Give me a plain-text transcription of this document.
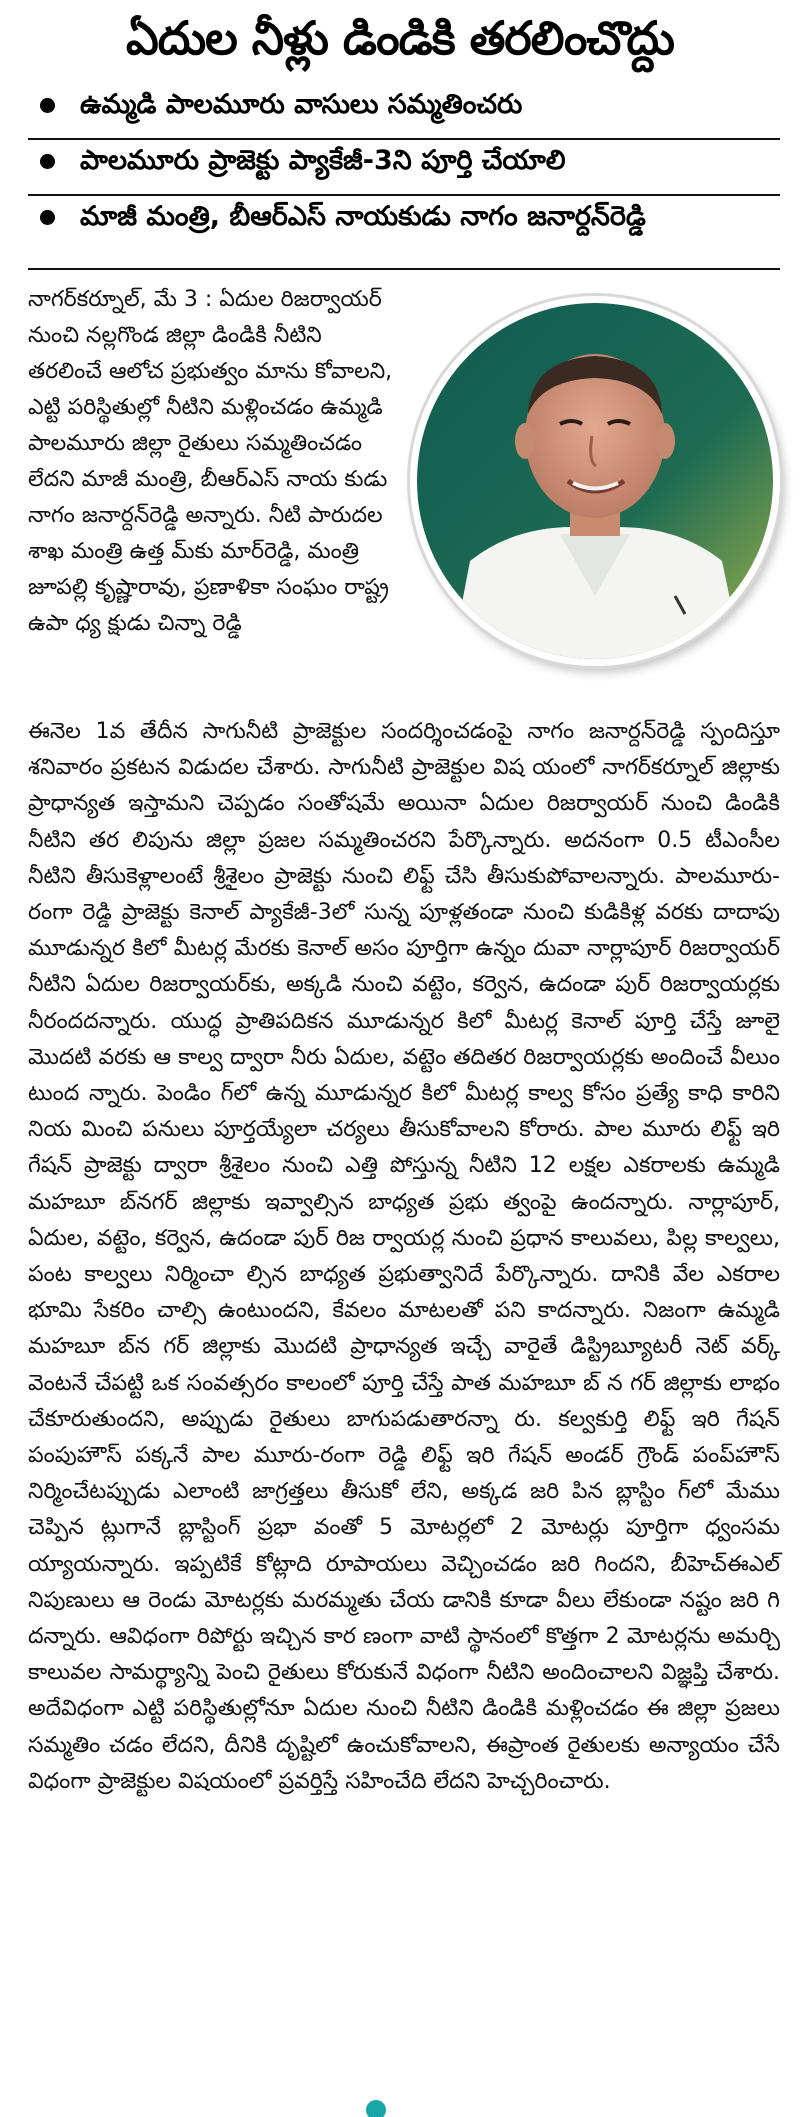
ఏదుల నీళ్లు డిండికి తరలించొద్దు
ఉమ్మడి పాలమూరు వాసులు సమ్మతించరు
పాలమూరు ప్రాజెక్టు ప్యాకేజీ-3ని పూర్తి చేయాలి
మాజీ మంత్రి, బీఆర్ఎస్ నాయకుడు నాగం జనార్దన్‌రెడ్డి

నాగర్‌కర్నూల్, మే 3 : ఏదుల రిజర్వాయర్ నుంచి నల్లగొండ జిల్లా డిండికి నీటిని తరలించే ఆలోచ ప్రభుత్వం మాను కోవాలని, ఎట్టి పరిస్థితుల్లో నీటిని మళ్లించడం ఉమ్మడి పాలమూరు జిల్లా రైతులు సమ్మతించడం లేదని మాజీ మంత్రి, బీఆర్ఎస్ నాయ కుడు నాగం జనార్దన్‌రెడ్డి అన్నారు. నీటి పారుదల శాఖ మంత్రి ఉత్త మ్‌కు మార్‌రెడ్డి, మంత్రి జూపల్లి కృష్ణారావు, ప్రణాళికా సంఘం రాష్ట్ర ఉపా ధ్య క్షుడు చిన్నా రెడ్డి

ఈనెల 1వ తేదీన సాగునీటి ప్రాజెక్టుల సందర్శించడంపై నాగం జనార్దన్‌రెడ్డి స్పందిస్తూ శనివారం ప్రకటన విడుదల చేశారు. సాగునీటి ప్రాజెక్టుల విష యంలో నాగర్‌కర్నూల్ జిల్లాకు ప్రాధాన్యత ఇస్తామని చెప్పడం సంతోషమే అయినా ఏదుల రిజర్వాయర్ నుంచి డిండికి నీటిని తర లిపును జిల్లా ప్రజల సమ్మతించరని పేర్కొన్నారు. అదనంగా 0.5 టీఎంసీల నీటిని తీసుకెళ్లాలంటే శ్రీశైలం ప్రాజెక్టు నుంచి లిఫ్ట్ చేసి తీసుకుపోవాలన్నారు. పాలమూరు-రంగా రెడ్డి ప్రాజెక్టు కెనాల్ ప్యాకేజీ-3లో సున్న పూళ్లతండా నుంచి కుడికిళ్ల వరకు దాదాపు మూడున్నర కిలో మీటర్ల మేరకు కెనాల్ అసం పూర్తిగా ఉన్నం దువా నార్లాపూర్ రిజర్వాయర్ నీటిని ఏదుల రిజర్వాయర్‌కు, అక్కడి నుంచి వట్టెం, కర్వెన, ఉదండా పుర్ రిజర్వాయర్లకు నీరందదన్నారు. యుద్ధ ప్రాతిపదికన మూడున్నర కిలో మీటర్ల కెనాల్ పూర్తి చేస్తే జూలై మొదటి వరకు ఆ కాల్వ ద్వారా నీరు ఏదుల, వట్టెం తదితర రిజర్వాయర్లకు అందించే వీలుం టుంద న్నారు. పెండిం గ్‌లో ఉన్న మూడున్నర కిలో మీటర్ల కాల్వ కోసం ప్రత్యే కాధి కారిని నియ మించి పనులు పూర్తయ్యేలా చర్యలు తీసుకోవాలని కోరారు. పాల మూరు లిఫ్ట్ ఇరి గేషన్ ప్రాజెక్టు ద్వారా శ్రీశైలం నుంచి ఎత్తి పోస్తున్న నీటిని 12 లక్షల ఎకరాలకు ఉమ్మడి మహబూ బ్‌నగర్ జిల్లాకు ఇవ్వాల్సిన బాధ్యత ప్రభు త్వంపై ఉందన్నారు. నార్లాపూర్, ఏదుల, వట్టెం, కర్వెన, ఉదండా పుర్ రిజ ర్వాయర్ల నుంచి ప్రధాన కాలువలు, పిల్ల కాల్వలు, పంట కాల్వలు నిర్మించా ల్సిన బాధ్యత ప్రభుత్వానిదే పేర్కొన్నారు. దానికి వేల ఎకరాల భూమి సేకరిం చాల్సి ఉంటుందని, కేవలం మాటలతో పని కాదన్నారు. నిజంగా ఉమ్మడి మహబూ బ్‌న గర్ జిల్లాకు మొదటి ప్రాధాన్యత ఇచ్చే వారైతే డిస్ట్రిబ్యూటరీ నెట్ వర్క్ వెంటనే చేపట్టి ఒక సంవత్సరం కాలంలో పూర్తి చేస్తే పాత మహబూ బ్ న గర్ జిల్లాకు లాభం చేకూరుతుందని, అప్పుడు రైతులు బాగుపడుతారన్నా రు. కల్వకుర్తి లిఫ్ట్ ఇరి గేషన్ పంపుహౌస్ పక్కనే పాల మూరు-రంగా రెడ్డి లిఫ్ట్ ఇరి గేషన్ అండర్ గ్రౌండ్ పంప్‌హౌస్ నిర్మించేటప్పుడు ఎలాంటి జాగ్రత్తలు తీసుకో లేని, అక్కడ జరి పిన బ్లాస్టిం గ్‌లో మేము చెప్పిన ట్లుగానే బ్లాస్టింగ్ ప్రభా వంతో 5 మోటర్లలో 2 మోటర్లు పూర్తిగా ధ్వంసమ య్యాయన్నారు. ఇప్పటికే కోట్లాది రూపాయలు వెచ్చించడం జరి గిందని, బీహెచ్ఈఎల్ నిపుణులు ఆ రెండు మోటర్లకు మరమ్మతు చేయ డానికి కూడా వీలు లేకుండా నష్టం జరి గి దన్నారు. ఆవిధంగా రిపోర్టు ఇచ్చిన కార ణంగా వాటి స్థానంలో కొత్తగా 2 మోటర్లను అమర్చి కాలువల సామర్థ్యాన్ని పెంచి రైతులు కోరుకునే విధంగా నీటిని అందించాలని విజ్ఞప్తి చేశారు. అదేవిధంగా ఎట్టి పరిస్థితుల్లోనూ ఏదుల నుంచి నీటిని డిండికి మళ్లించడం ఈ జిల్లా ప్రజలు సమ్మతిం చడం లేదని, దీనికి దృష్టిలో ఉంచుకోవాలని, ఈప్రాంత రైతులకు అన్యాయం చేసే విధంగా ప్రాజెక్టుల విషయంలో ప్రవర్తిస్తే సహించేది లేదని హెచ్చరించారు.
